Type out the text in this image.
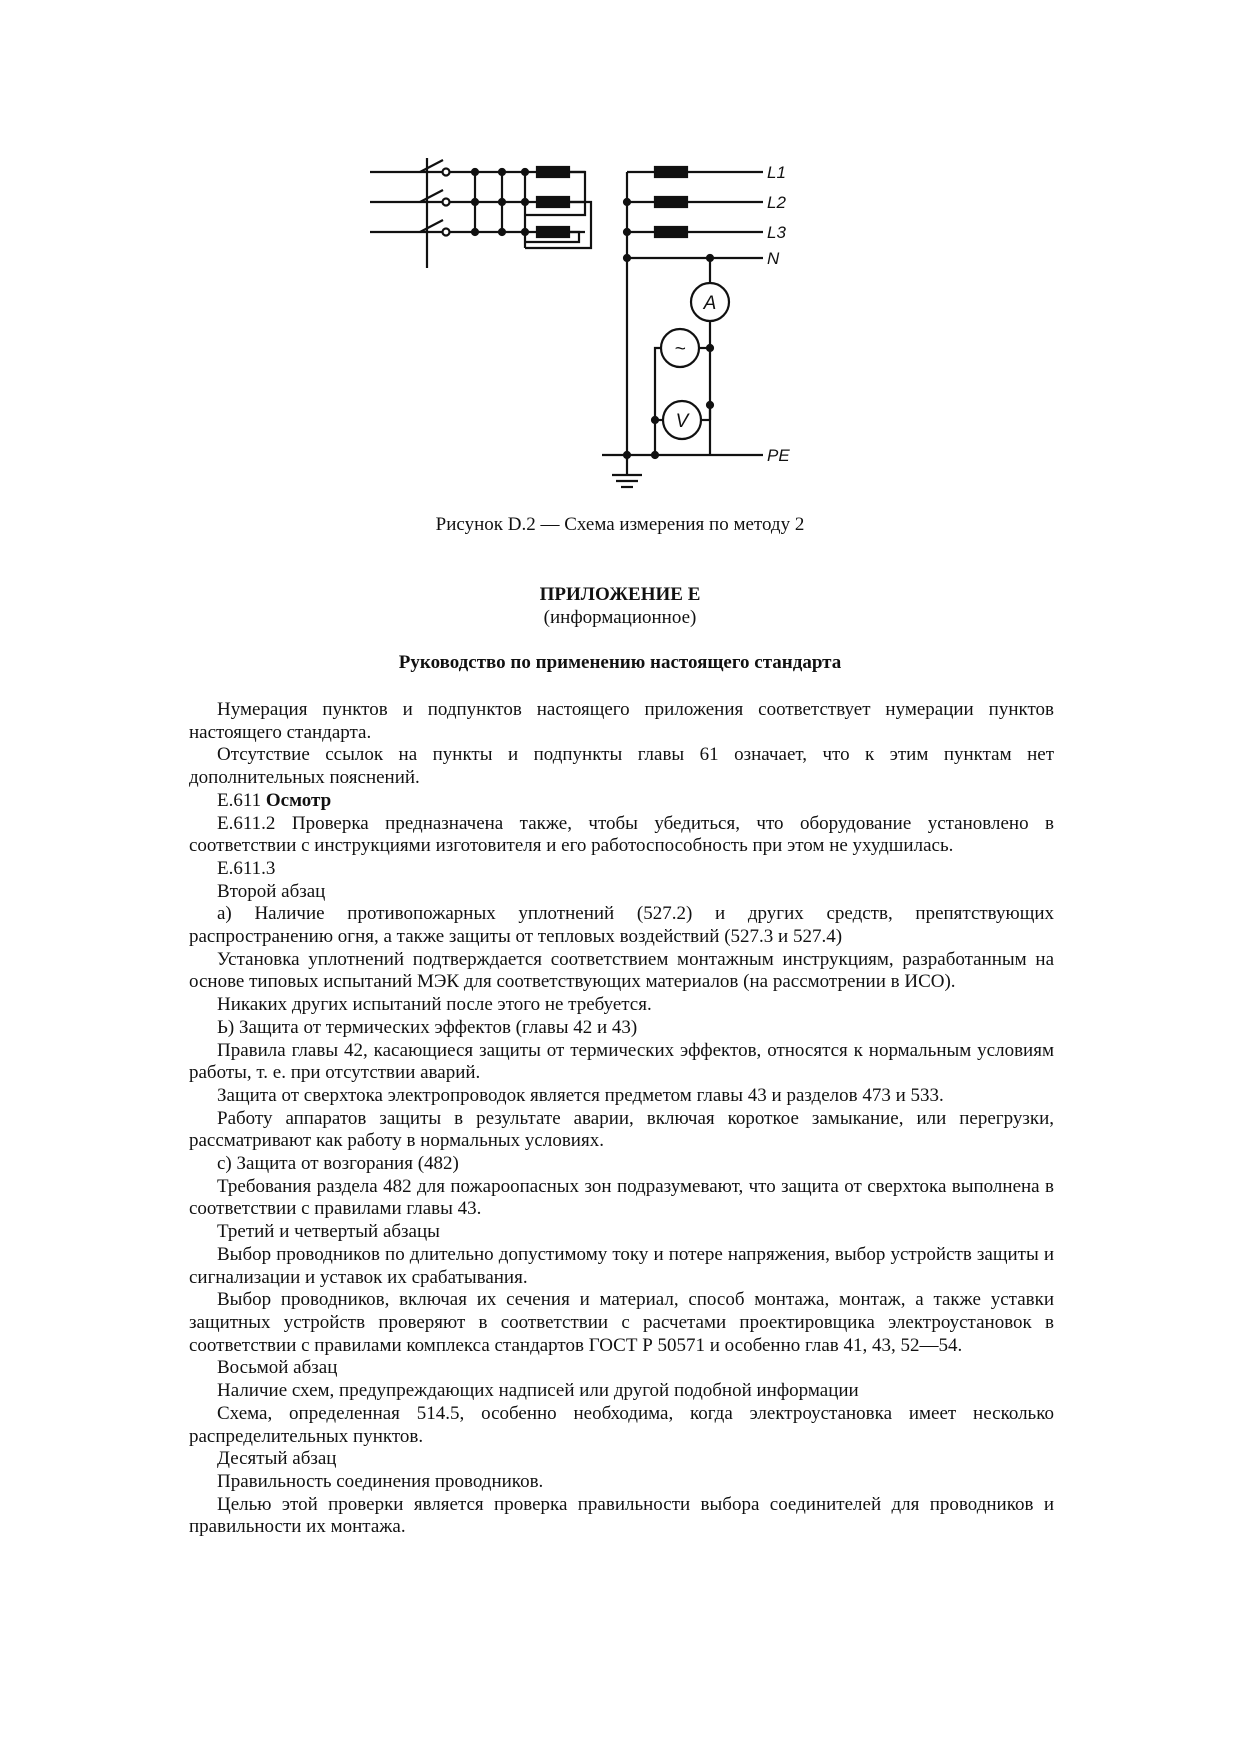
L1
L2
L3
N
PE
A
~
V
Рисунок D.2 — Схема измерения по методу 2
ПРИЛОЖЕНИЕ Е
(информационное)
Руководство по применению настоящего стандарта

Нумерация пунктов и подпунктов настоящего приложения соответствует нумерации пунктов настоящего стандарта.

Отсутствие ссылок на пункты и подпункты главы 61 означает, что к этим пунктам нет дополнительных пояснений.

Е.611 Осмотр

Е.611.2 Проверка предназначена также, чтобы убедиться, что оборудование установлено в соответствии с инструкциями изготовителя и его работоспособность при этом не ухудшилась.

Е.611.3

Второй абзац

а) Наличие противопожарных уплотнений (527.2) и других средств, препятствующих распространению огня, а также защиты от тепловых воздействий (527.3 и 527.4)

Установка уплотнений подтверждается соответствием монтажным инструкциям, разработанным на основе типовых испытаний МЭК для соответствующих материалов (на рассмотрении в ИСО).

Никаких других испытаний после этого не требуется.

Ь) Защита от термических эффектов (главы 42 и 43)

Правила главы 42, касающиеся защиты от термических эффектов, относятся к нормальным условиям работы, т. е. при отсутствии аварий.

Защита от сверхтока электропроводок является предметом главы 43 и разделов 473 и 533.

Работу аппаратов защиты в результате аварии, включая короткое замыкание, или перегрузки, рассматривают как работу в нормальных условиях.

с) Защита от возгорания (482)

Требования раздела 482 для пожароопасных зон подразумевают, что защита от сверхтока выполнена в соответствии с правилами главы 43.

Третий и четвертый абзацы

Выбор проводников по длительно допустимому току и потере напряжения, выбор устройств защиты и сигнализации и уставок их срабатывания.

Выбор проводников, включая их сечения и материал, способ монтажа, монтаж, а также уставки защитных устройств проверяют в соответствии с расчетами проектировщика электроустановок в соответствии с правилами комплекса стандартов ГОСТ Р 50571 и особенно глав 41, 43, 52—54.

Восьмой абзац

Наличие схем, предупреждающих надписей или другой подобной информации

Схема, определенная 514.5, особенно необходима, когда электроустановка имеет несколько распределительных пунктов.

Десятый абзац

Правильность соединения проводников.

Целью этой проверки является проверка правильности выбора соединителей для проводников и правильности их монтажа.
